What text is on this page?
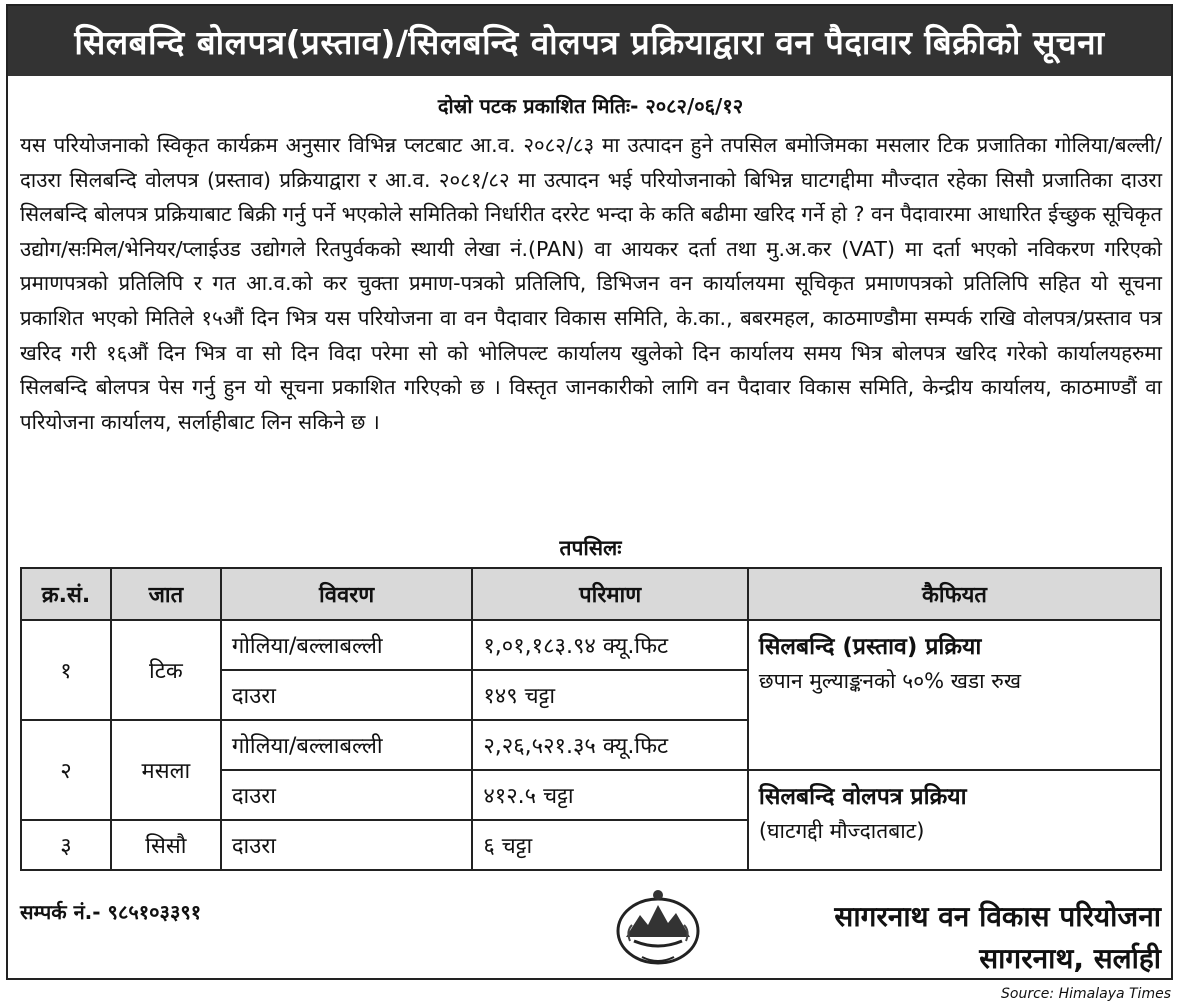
सिलबन्दि बोलपत्र(प्रस्ताव)/सिलबन्दि वोलपत्र प्रक्रियाद्वारा वन पैदावार बिक्रीको सूचना
दोस्रो पटक प्रकाशित मितिः- २०८२/०६/१२
यस परियोजनाको स्विकृत कार्यक्रम अनुसार विभिन्न प्लटबाट आ.व. २०८२/८३ मा उत्पादन हुने तपसिल बमोजिमका मसलार टिक प्रजातिका गोलिया/बल्ली/दाउरा सिलबन्दि वोलपत्र (प्रस्ताव) प्रक्रियाद्वारा र आ.व. २०८१/८२ मा उत्पादन भई परियोजनाको बिभिन्न घाटगद्दीमा मौज्दात रहेका सिसौ प्रजातिका दाउरा सिलबन्दि बोलपत्र प्रक्रियाबाट बिक्री गर्नु पर्ने भएकोले समितिको निर्धारीत दररेट भन्दा के कति बढीमा खरिद गर्ने हो ? वन पैदावारमा आधारित ईच्छुक सूचिकृत उद्योग/सःमिल/भेनियर/प्लाईउड उद्योगले रितपुर्वकको स्थायी लेखा नं.(PAN) वा आयकर दर्ता तथा मु.अ.कर (VAT) मा दर्ता भएको नविकरण गरिएको प्रमाणपत्रको प्रतिलिपि र गत आ.व.को कर चुक्ता प्रमाण-पत्रको प्रतिलिपि, डिभिजन वन कार्यालयमा सूचिकृत प्रमाणपत्रको प्रतिलिपि सहित यो सूचना प्रकाशित भएको मितिले १५औं दिन भित्र यस परियोजना वा वन पैदावार विकास समिति, के.का., बबरमहल, काठमाण्डौमा सम्पर्क राखि वोलपत्र/प्रस्ताव पत्र खरिद गरी १६औं दिन भित्र वा सो दिन विदा परेमा सो को भोलिपल्ट कार्यालय खुलेको दिन कार्यालय समय भित्र बोलपत्र खरिद गरेको कार्यालयहरुमा सिलबन्दि बोलपत्र पेस गर्नु हुन यो सूचना प्रकाशित गरिएको छ । विस्तृत जानकारीको लागि वन पैदावार विकास समिति, केन्द्रीय कार्यालय, काठमाण्डौं वा परियोजना कार्यालय, सर्लाहीबाट लिन सकिने छ ।
तपसिलः
क्र.सं.	जात	विवरण	परिमाण	कैफियत
१	टिक	गोलिया/बल्लाबल्ली	१,०१,१८३.९४ क्यू.फिट	सिलबन्दि (प्रस्ताव) प्रक्रिया
छपान मुल्याङ्कनको ५०% खडा रुख

		दाउरा	१४९ चट्टा	
२	मसला	गोलिया/बल्लाबल्ली	२,२६,५२१.३५ क्यू.फिट	
		दाउरा	४१२.५ चट्टा	सिलबन्दि वोलपत्र प्रक्रिया
(घाटगद्दी मौज्दातबाट)

३	सिसौ	दाउरा	६ चट्टा	
सम्पर्क नं.- ९८५१०३३९१	सागरनाथ वन विकास परियोजना
सागरनाथ, सर्लाही
Source: Himalaya Times
